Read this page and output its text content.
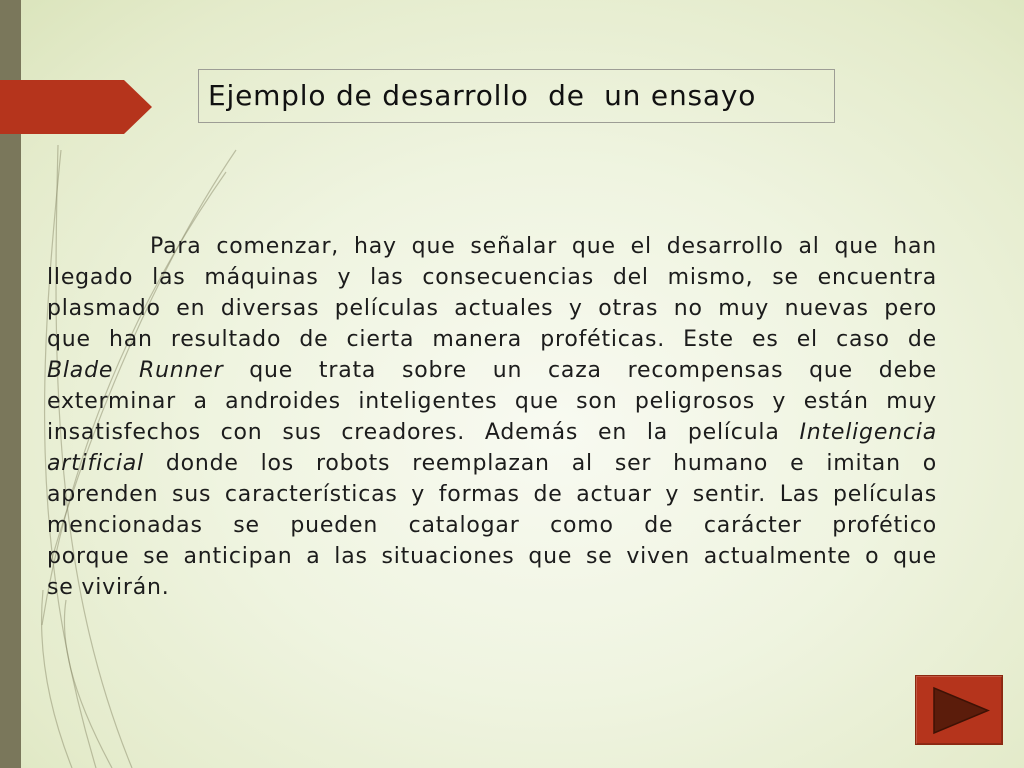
Ejemplo de desarrollo  de  un ensayo
Para comenzar, hay que señalar que el desarrollo al que han
llegado las máquinas y las consecuencias del mismo, se encuentra
plasmado en diversas películas actuales y otras no muy nuevas pero
que han resultado de cierta manera proféticas. Este es el caso de
Blade Runner que trata sobre un caza recompensas que debe
exterminar a androides inteligentes que son peligrosos y están muy
insatisfechos con sus creadores. Además en la película Inteligencia
artificial donde los robots reemplazan al ser humano e imitan o
aprenden sus características y formas de actuar y sentir. Las películas
mencionadas se pueden catalogar como de carácter profético
porque se anticipan a las situaciones que se viven actualmente o que
se vivirán.
